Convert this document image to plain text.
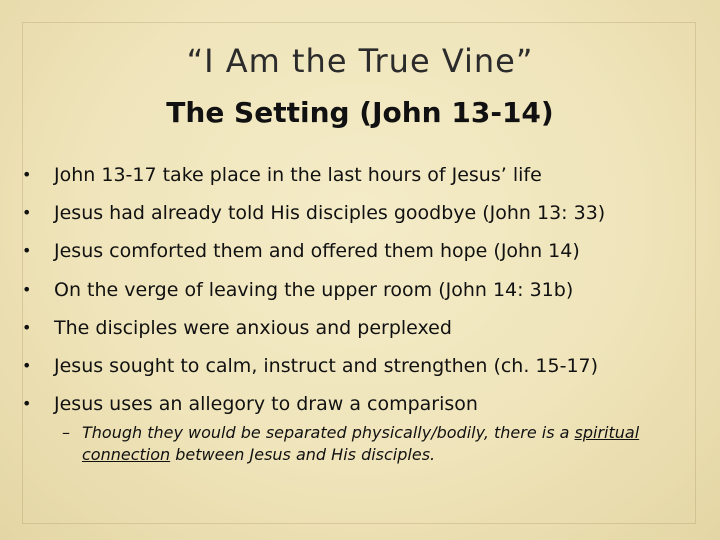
“I Am the True Vine”
The Setting (John 13-14)
• John 13-17 take place in the last hours of Jesus’ life
• Jesus had already told His disciples goodbye (John 13: 33)
• Jesus comforted them and offered them hope (John 14)
• On the verge of leaving the upper room (John 14: 31b)
• The disciples were anxious and perplexed
• Jesus sought to calm, instruct and strengthen (ch. 15-17)
• Jesus uses an allegory to draw a comparison
– Though they would be separated physically/bodily, there is a spiritual connection between Jesus and His disciples.
